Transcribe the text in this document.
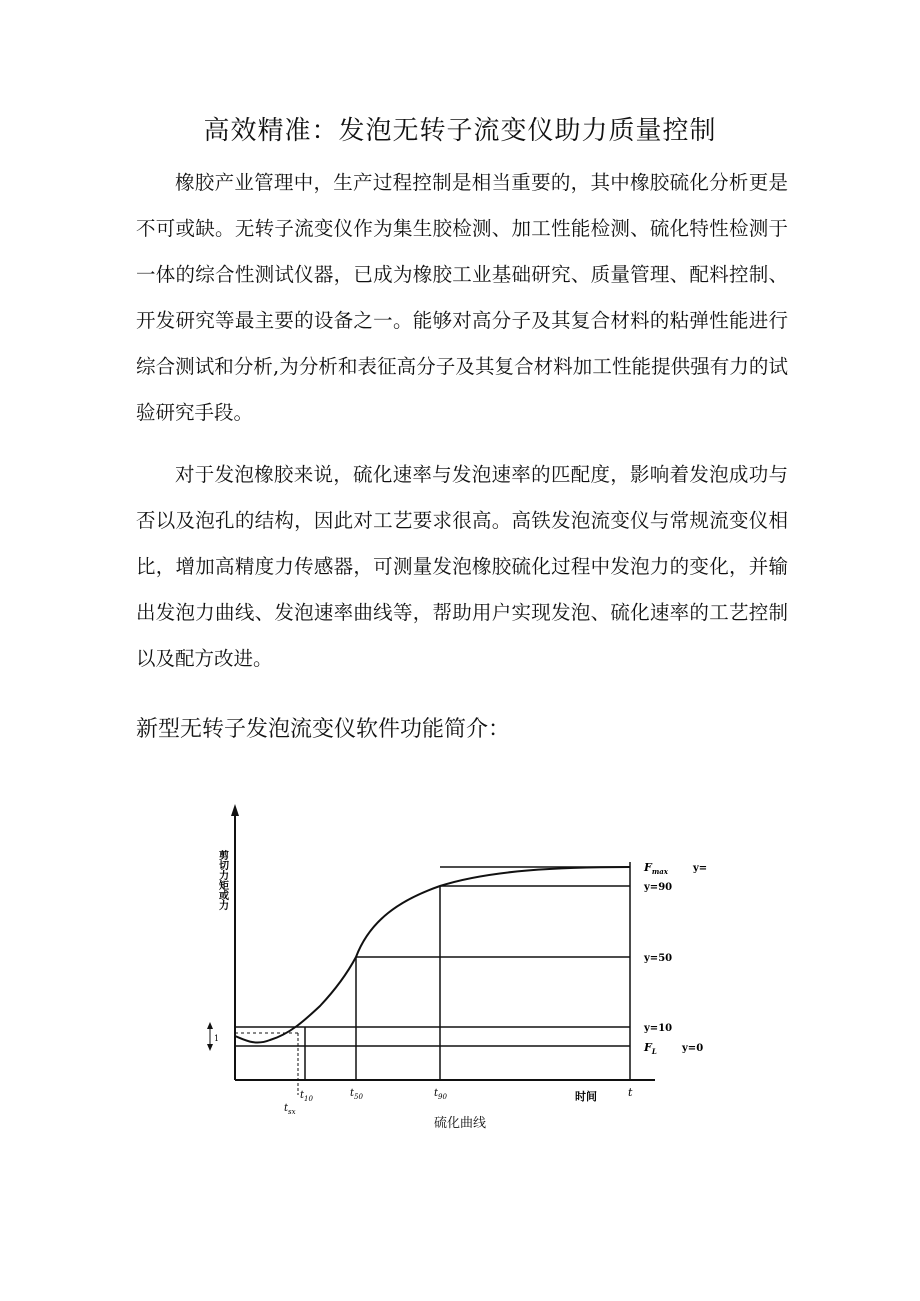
高效精准：发泡无转子流变仪助力质量控制

橡胶产业管理中，生产过程控制是相当重要的，其中橡胶硫化分析更是不可或缺。无转子流变仪作为集生胶检测、加工性能检测、硫化特性检测于一体的综合性测试仪器，已成为橡胶工业基础研究、质量管理、配料控制、开发研究等最主要的设备之一。能够对高分子及其复合材料的粘弹性能进行综合测试和分析,为分析和表征高分子及其复合材料加工性能提供强有力的试验研究手段。

对于发泡橡胶来说，硫化速率与发泡速率的匹配度，影响着发泡成功与否以及泡孔的结构，因此对工艺要求很高。高铁发泡流变仪与常规流变仪相比，增加高精度力传感器，可测量发泡橡胶硫化过程中发泡力的变化，并输出发泡力曲线、发泡速率曲线等，帮助用户实现发泡、硫化速率的工艺控制以及配方改进。

新型无转子发泡流变仪软件功能简介：
1
剪切力矩或力	$F_{max}$	y=
y=90
y=50
y=10
$F_L$	y=0
$t_{10}$	$t_{50}$	$t_{90}$
$t_{sx}$
时间	t
硫化曲线
